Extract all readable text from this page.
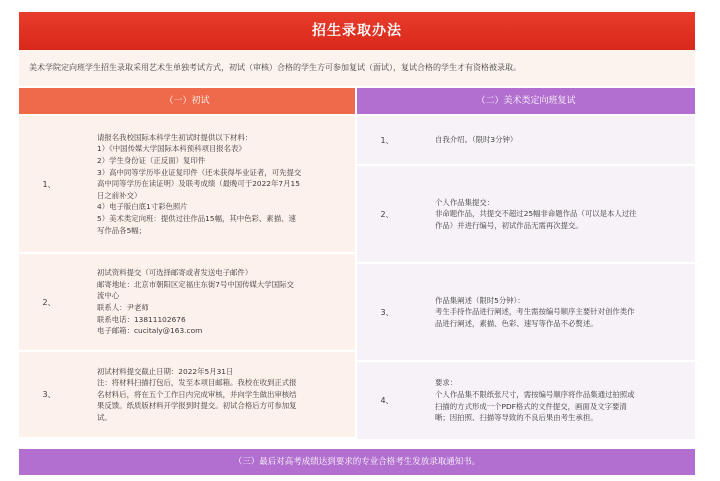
招生录取办法
美术学院定向班学生招生录取采用艺术生单独考试方式，初试（审核）合格的学生方可参加复试（面试），复试合格的学生才有资格被录取。
（一）初试
1、
请报名我校国际本科学生初试时提供以下材料：
1）《中国传媒大学国际本科预科项目报名表》
2）学生身份证（正反面）复印件
3）高中同等学历毕业证复印件（还未获得毕业证者，可先提交
高中同等学历在读证明）及联考成绩（最晚可于2022年7月15
日之前补交）
4）电子版白底1寸彩色照片
5）美术类定向班：提供过往作品15幅，其中色彩、素描、速
写作品各5幅；
2、
初试资料提交（可选择邮寄或者发送电子邮件）
邮寄地址：北京市朝阳区定福庄东街7号中国传媒大学国际交
流中心
联系人：尹老师
联系电话：13811102676
电子邮箱：cucitaly@163.com
3、
初试材料提交截止日期：2022年5月31日
注：将材料扫描打包后，发至本项目邮箱。我校在收到正式报
名材料后，将在五个工作日内完成审核，并向学生做出审核结
果反馈。纸质版材料开学报到时提交。初试合格后方可参加复
试。
（二）美术类定向班复试
1、	自我介绍。（限时3分钟）
2、
个人作品集提交：
非命题作品，共提交不超过25幅非命题作品（可以是本人过往
作品）并进行编号，初试作品无需再次提交。
3、
作品集阐述（限时5分钟）：
考生手持作品进行阐述，考生需按编号顺序主要针对创作类作
品进行阐述，素描、色彩、速写等作品不必赘述。
4、
要求：
个人作品集不限纸张尺寸，需按编号顺序将作品集通过拍照或
扫描的方式形成一个PDF格式的文件提交，画面及文字要清
晰；因拍照、扫描等导致的不良后果由考生承担。
（三）最后对高考成绩达到要求的专业合格考生发放录取通知书。
